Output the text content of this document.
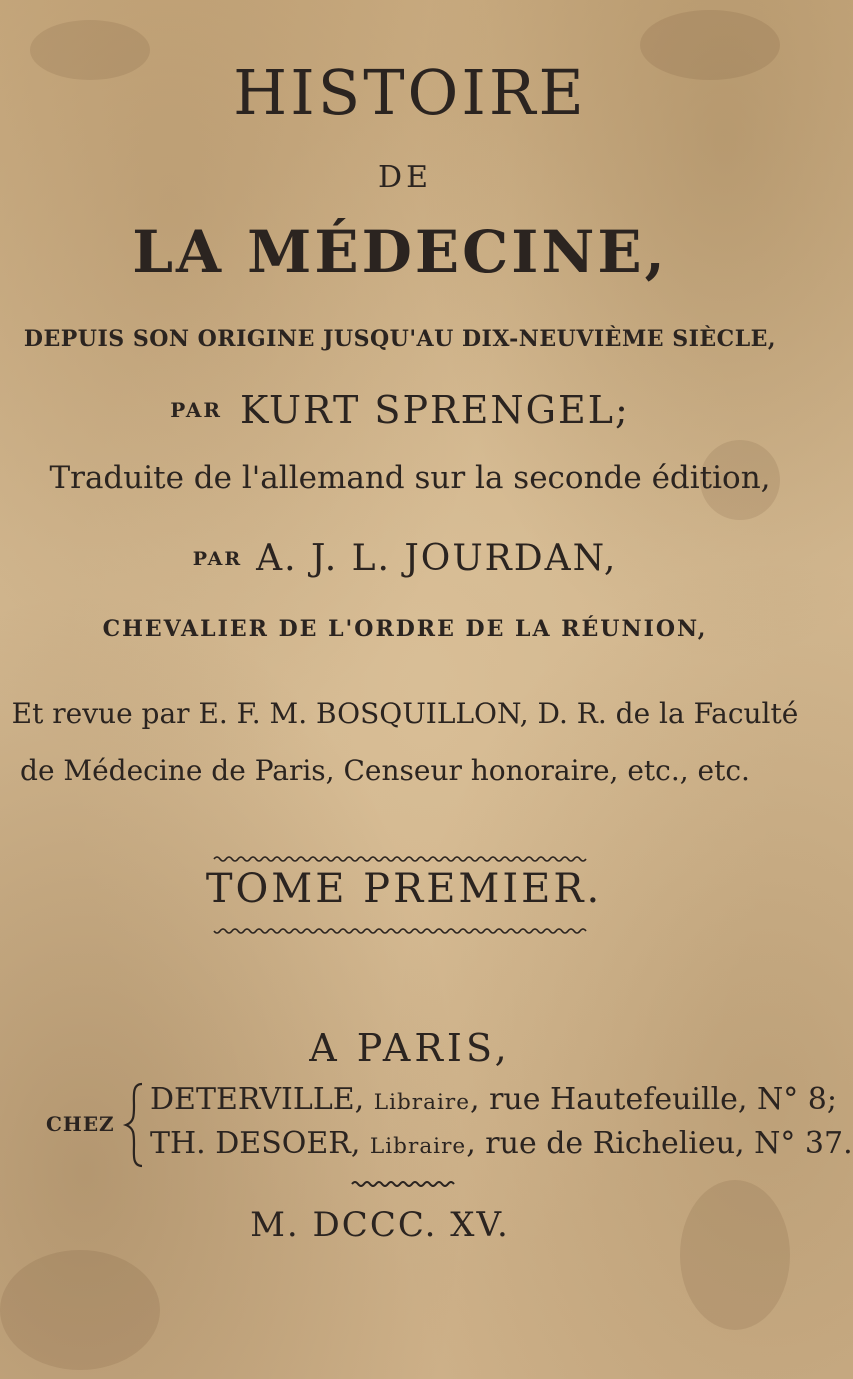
HISTOIRE
DE
LA MÉDECINE,
DEPUIS SON ORIGINE JUSQU'AU DIX-NEUVIÈME SIÈCLE,
PAR KURT SPRENGEL;
Traduite de l'allemand sur la seconde édition,
PAR A. J. L. JOURDAN,
CHEVALIER DE L'ORDRE DE LA RÉUNION,
Et revue par E. F. M. BOSQUILLON, D. R. de la Faculté
de Médecine de Paris, Censeur honoraire, etc., etc.
TOME PREMIER.
A PARIS,
CHEZ
DETERVILLE, Libraire, rue Hautefeuille, N° 8;
TH. DESOER, Libraire, rue de Richelieu, N° 37.
M. DCCC. XV.
